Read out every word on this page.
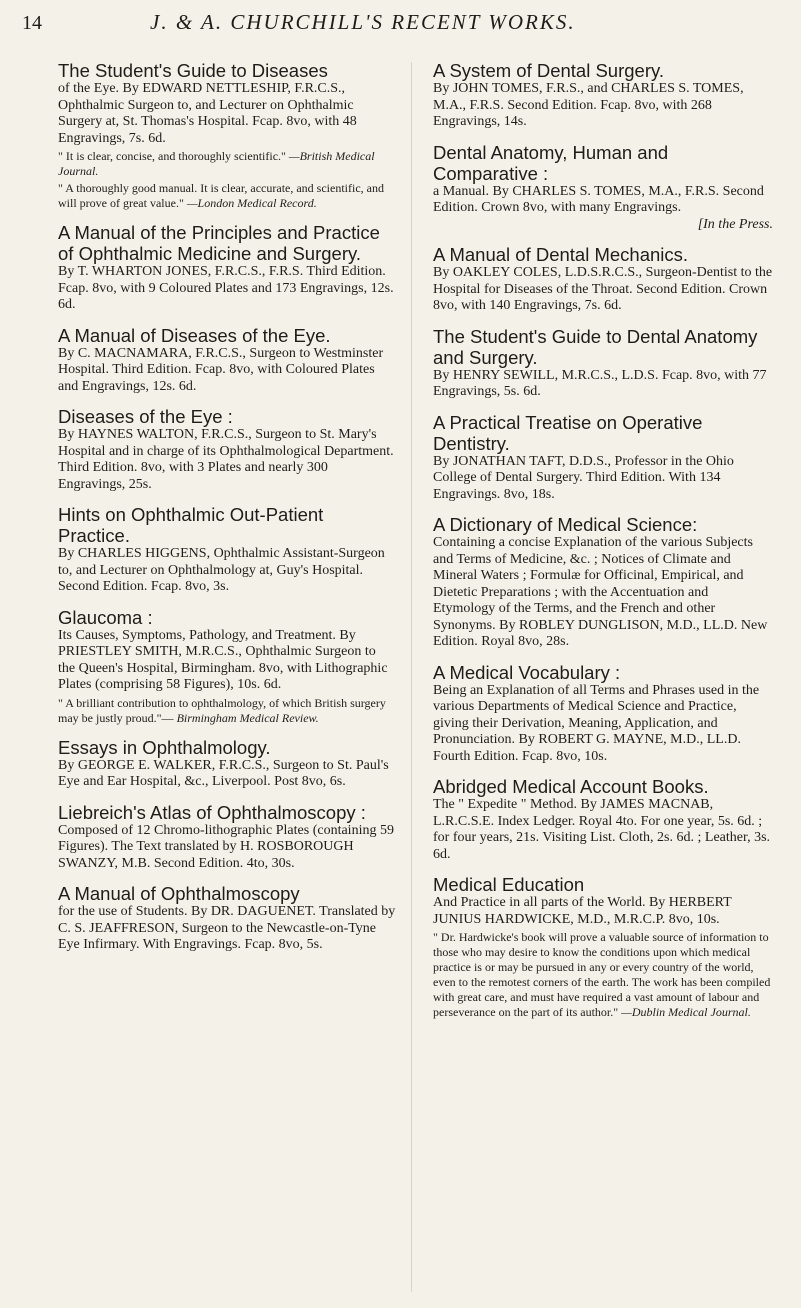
14	J. & A. CHURCHILL'S RECENT WORKS.
The Student's Guide to Diseases

of the Eye. By EDWARD NETTLESHIP, F.R.C.S., Ophthalmic Surgeon to, and Lecturer on Ophthalmic Surgery at, St. Thomas's Hospital. Fcap. 8vo, with 48 Engravings, 7s. 6d.

" It is clear, concise, and thoroughly scientific." —British Medical Journal.

" A thoroughly good manual. It is clear, accurate, and scientific, and will prove of great value." —London Medical Record.

A Manual of the Principles and Practice of Ophthalmic Medicine and Surgery.

By T. WHARTON JONES, F.R.C.S., F.R.S. Third Edition. Fcap. 8vo, with 9 Coloured Plates and 173 Engravings, 12s. 6d.

A Manual of Diseases of the Eye.

By C. MACNAMARA, F.R.C.S., Surgeon to Westminster Hospital. Third Edition. Fcap. 8vo, with Coloured Plates and Engravings, 12s. 6d.

Diseases of the Eye :

By HAYNES WALTON, F.R.C.S., Surgeon to St. Mary's Hospital and in charge of its Ophthalmological Department. Third Edition. 8vo, with 3 Plates and nearly 300 Engravings, 25s.

Hints on Ophthalmic Out-Patient Practice.

By CHARLES HIGGENS, Ophthalmic Assistant-Surgeon to, and Lecturer on Ophthalmology at, Guy's Hospital. Second Edition. Fcap. 8vo, 3s.

Glaucoma :

Its Causes, Symptoms, Pathology, and Treatment. By PRIESTLEY SMITH, M.R.C.S., Ophthalmic Surgeon to the Queen's Hospital, Birmingham. 8vo, with Lithographic Plates (comprising 58 Figures), 10s. 6d.

" A brilliant contribution to ophthalmology, of which British surgery may be justly proud."— Birmingham Medical Review.

Essays in Ophthalmology.

By GEORGE E. WALKER, F.R.C.S., Surgeon to St. Paul's Eye and Ear Hospital, &c., Liverpool. Post 8vo, 6s.

Liebreich's Atlas of Ophthalmoscopy :

Composed of 12 Chromo-lithographic Plates (containing 59 Figures). The Text translated by H. ROSBOROUGH SWANZY, M.B. Second Edition. 4to, 30s.

A Manual of Ophthalmoscopy

for the use of Students. By DR. DAGUENET. Translated by C. S. JEAFFRESON, Surgeon to the Newcastle-on-Tyne Eye Infirmary. With Engravings. Fcap. 8vo, 5s.

A System of Dental Surgery.

By JOHN TOMES, F.R.S., and CHARLES S. TOMES, M.A., F.R.S. Second Edition. Fcap. 8vo, with 268 Engravings, 14s.

Dental Anatomy, Human and Comparative :

a Manual. By CHARLES S. TOMES, M.A., F.R.S. Second Edition. Crown 8vo, with many Engravings.

[In the Press.

A Manual of Dental Mechanics.

By OAKLEY COLES, L.D.S.R.C.S., Surgeon-Dentist to the Hospital for Diseases of the Throat. Second Edition. Crown 8vo, with 140 Engravings, 7s. 6d.

The Student's Guide to Dental Anatomy and Surgery.

By HENRY SEWILL, M.R.C.S., L.D.S. Fcap. 8vo, with 77 Engravings, 5s. 6d.

A Practical Treatise on Operative Dentistry.

By JONATHAN TAFT, D.D.S., Professor in the Ohio College of Dental Surgery. Third Edition. With 134 Engravings. 8vo, 18s.

A Dictionary of Medical Science:

Containing a concise Explanation of the various Subjects and Terms of Medicine, &c. ; Notices of Climate and Mineral Waters ; Formulæ for Officinal, Empirical, and Dietetic Preparations ; with the Accentuation and Etymology of the Terms, and the French and other Synonyms. By ROBLEY DUNGLISON, M.D., LL.D. New Edition. Royal 8vo, 28s.

A Medical Vocabulary :

Being an Explanation of all Terms and Phrases used in the various Departments of Medical Science and Practice, giving their Derivation, Meaning, Application, and Pronunciation. By ROBERT G. MAYNE, M.D., LL.D. Fourth Edition. Fcap. 8vo, 10s.

Abridged Medical Account Books.

The " Expedite " Method. By JAMES MACNAB, L.R.C.S.E. Index Ledger. Royal 4to. For one year, 5s. 6d. ; for four years, 21s. Visiting List. Cloth, 2s. 6d. ; Leather, 3s. 6d.

Medical Education

And Practice in all parts of the World. By HERBERT JUNIUS HARDWICKE, M.D., M.R.C.P. 8vo, 10s.

" Dr. Hardwicke's book will prove a valuable source of information to those who may desire to know the conditions upon which medical practice is or may be pursued in any or every country of the world, even to the remotest corners of the earth. The work has been compiled with great care, and must have required a vast amount of labour and perseverance on the part of its author." —Dublin Medical Journal.
